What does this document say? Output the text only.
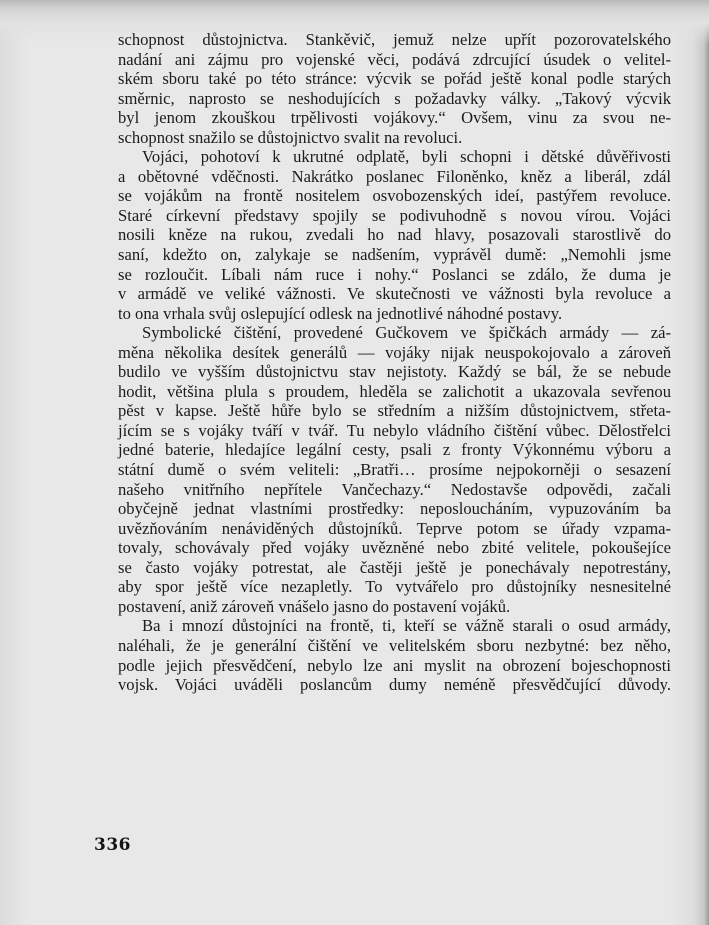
schopnost důstojnictva. Stankěvič, jemuž nelze upřít pozorovatelského
nadání ani zájmu pro vojenské věci, podává zdrcující úsudek o velitel-
ském sboru také po této stránce: výcvik se pořád ještě konal podle starých
směrnic, naprosto se neshodujících s požadavky války. „Takový výcvik
byl jenom zkouškou trpělivosti vojákovy.“ Ovšem, vinu za svou ne-
schopnost snažilo se důstojnictvo svalit na revoluci.
Vojáci, pohotoví k ukrutné odplatě, byli schopni i dětské důvěřivosti
a obětovné vděčnosti. Nakrátko poslanec Filoněnko, kněz a liberál, zdál
se vojákům na frontě nositelem osvobozenských ideí, pastýřem revoluce.
Staré církevní představy spojily se podivuhodně s novou vírou. Vojáci
nosili kněze na rukou, zvedali ho nad hlavy, posazovali starostlivě do
saní, kdežto on, zalykaje se nadšením, vyprávěl dumě: „Nemohli jsme
se rozloučit. Líbali nám ruce i nohy.“ Poslanci se zdálo, že duma je
v armádě ve veliké vážnosti. Ve skutečnosti ve vážnosti byla revoluce a
to ona vrhala svůj oslepující odlesk na jednotlivé náhodné postavy.
Symbolické čištění, provedené Gučkovem ve špičkách armády — zá-
měna několika desítek generálů — vojáky nijak neuspokojovalo a zároveň
budilo ve vyšším důstojnictvu stav nejistoty. Každý se bál, že se nebude
hodit, většina plula s proudem, hleděla se zalichotit a ukazovala sevřenou
pěst v kapse. Ještě hůře bylo se středním a nižším důstojnictvem, střeta-
jícím se s vojáky tváří v tvář. Tu nebylo vládního čištění vůbec. Dělostřelci
jedné baterie, hledajíce legální cesty, psali z fronty Výkonnému výboru a
státní dumě o svém veliteli: „Bratři… prosíme nejpokorněji o sesazení
našeho vnitřního nepřítele Vančechazy.“ Nedostavše odpovědi, začali
obyčejně jednat vlastními prostředky: neposloucháním, vypuzováním ba
uvězňováním nenáviděných důstojníků. Teprve potom se úřady vzpama-
tovaly, schovávaly před vojáky uvězněné nebo zbité velitele, pokoušejíce
se často vojáky potrestat, ale častěji ještě je ponechávaly nepotrestány,
aby spor ještě více nezapletly. To vytvářelo pro důstojníky nesnesitelné
postavení, aniž zároveň vnášelo jasno do postavení vojáků.
Ba i mnozí důstojníci na frontě, ti, kteří se vážně starali o osud armády,
naléhali, že je generální čištění ve velitelském sboru nezbytné: bez něho,
podle jejich přesvědčení, nebylo lze ani myslit na obrození bojeschopnosti
vojsk. Vojáci uváděli poslancům dumy neméně přesvědčující důvody.
336
